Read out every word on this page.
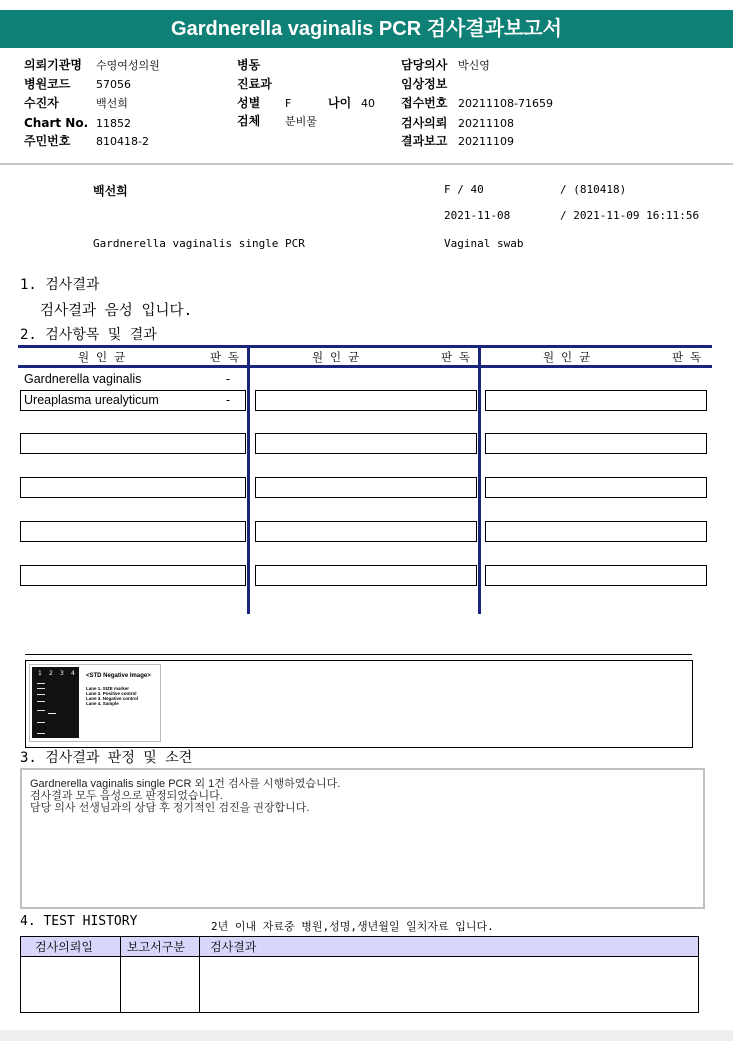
Gardnerella vaginalis PCR 검사결과보고서
의뢰기관명 수영여성의원
병원코드 57056
수진자	백선희
Chart No. 11852
주민번호 810418-2
병동
진료과
성별 F	나이 40
검체 분비물
담당의사 박신영
임상정보
접수번호 20211108-71659
검사의뢰 20211108
결과보고 20211109
백선희	F / 40	/ (810418)
2021-11-08	/ 2021-11-09 16:11:56
Gardnerella vaginalis single PCR	Vaginal swab
1. 검사결과
검사결과 음성 입니다.
2. 검사항목 및 결과
원 인 균	판 독	원 인 균	판 독	원 인 균	판 독
Gardnerella vaginalis	-
Ureaplasma urealyticum	-
1 2 3 4 <STD Negative Image>
Lane 1. SIZE marker
Lane 2. Positive control
Lane 3. Negative control
Lane 4. Sample
3. 검사결과 판정 및 소견
Gardnerella vaginalis single PCR 외 1건 검사를 시행하였습니다.
검사결과 모두 음성으로 판정되었습니다.
담당 의사 선생님과의 상담 후 정기적인 검진을 권장합니다.
4. TEST HISTORY	2년 이내 자료중 병원,성명,생년월일 일치자료 입니다.
검사의뢰일	보고서구분	검사결과
